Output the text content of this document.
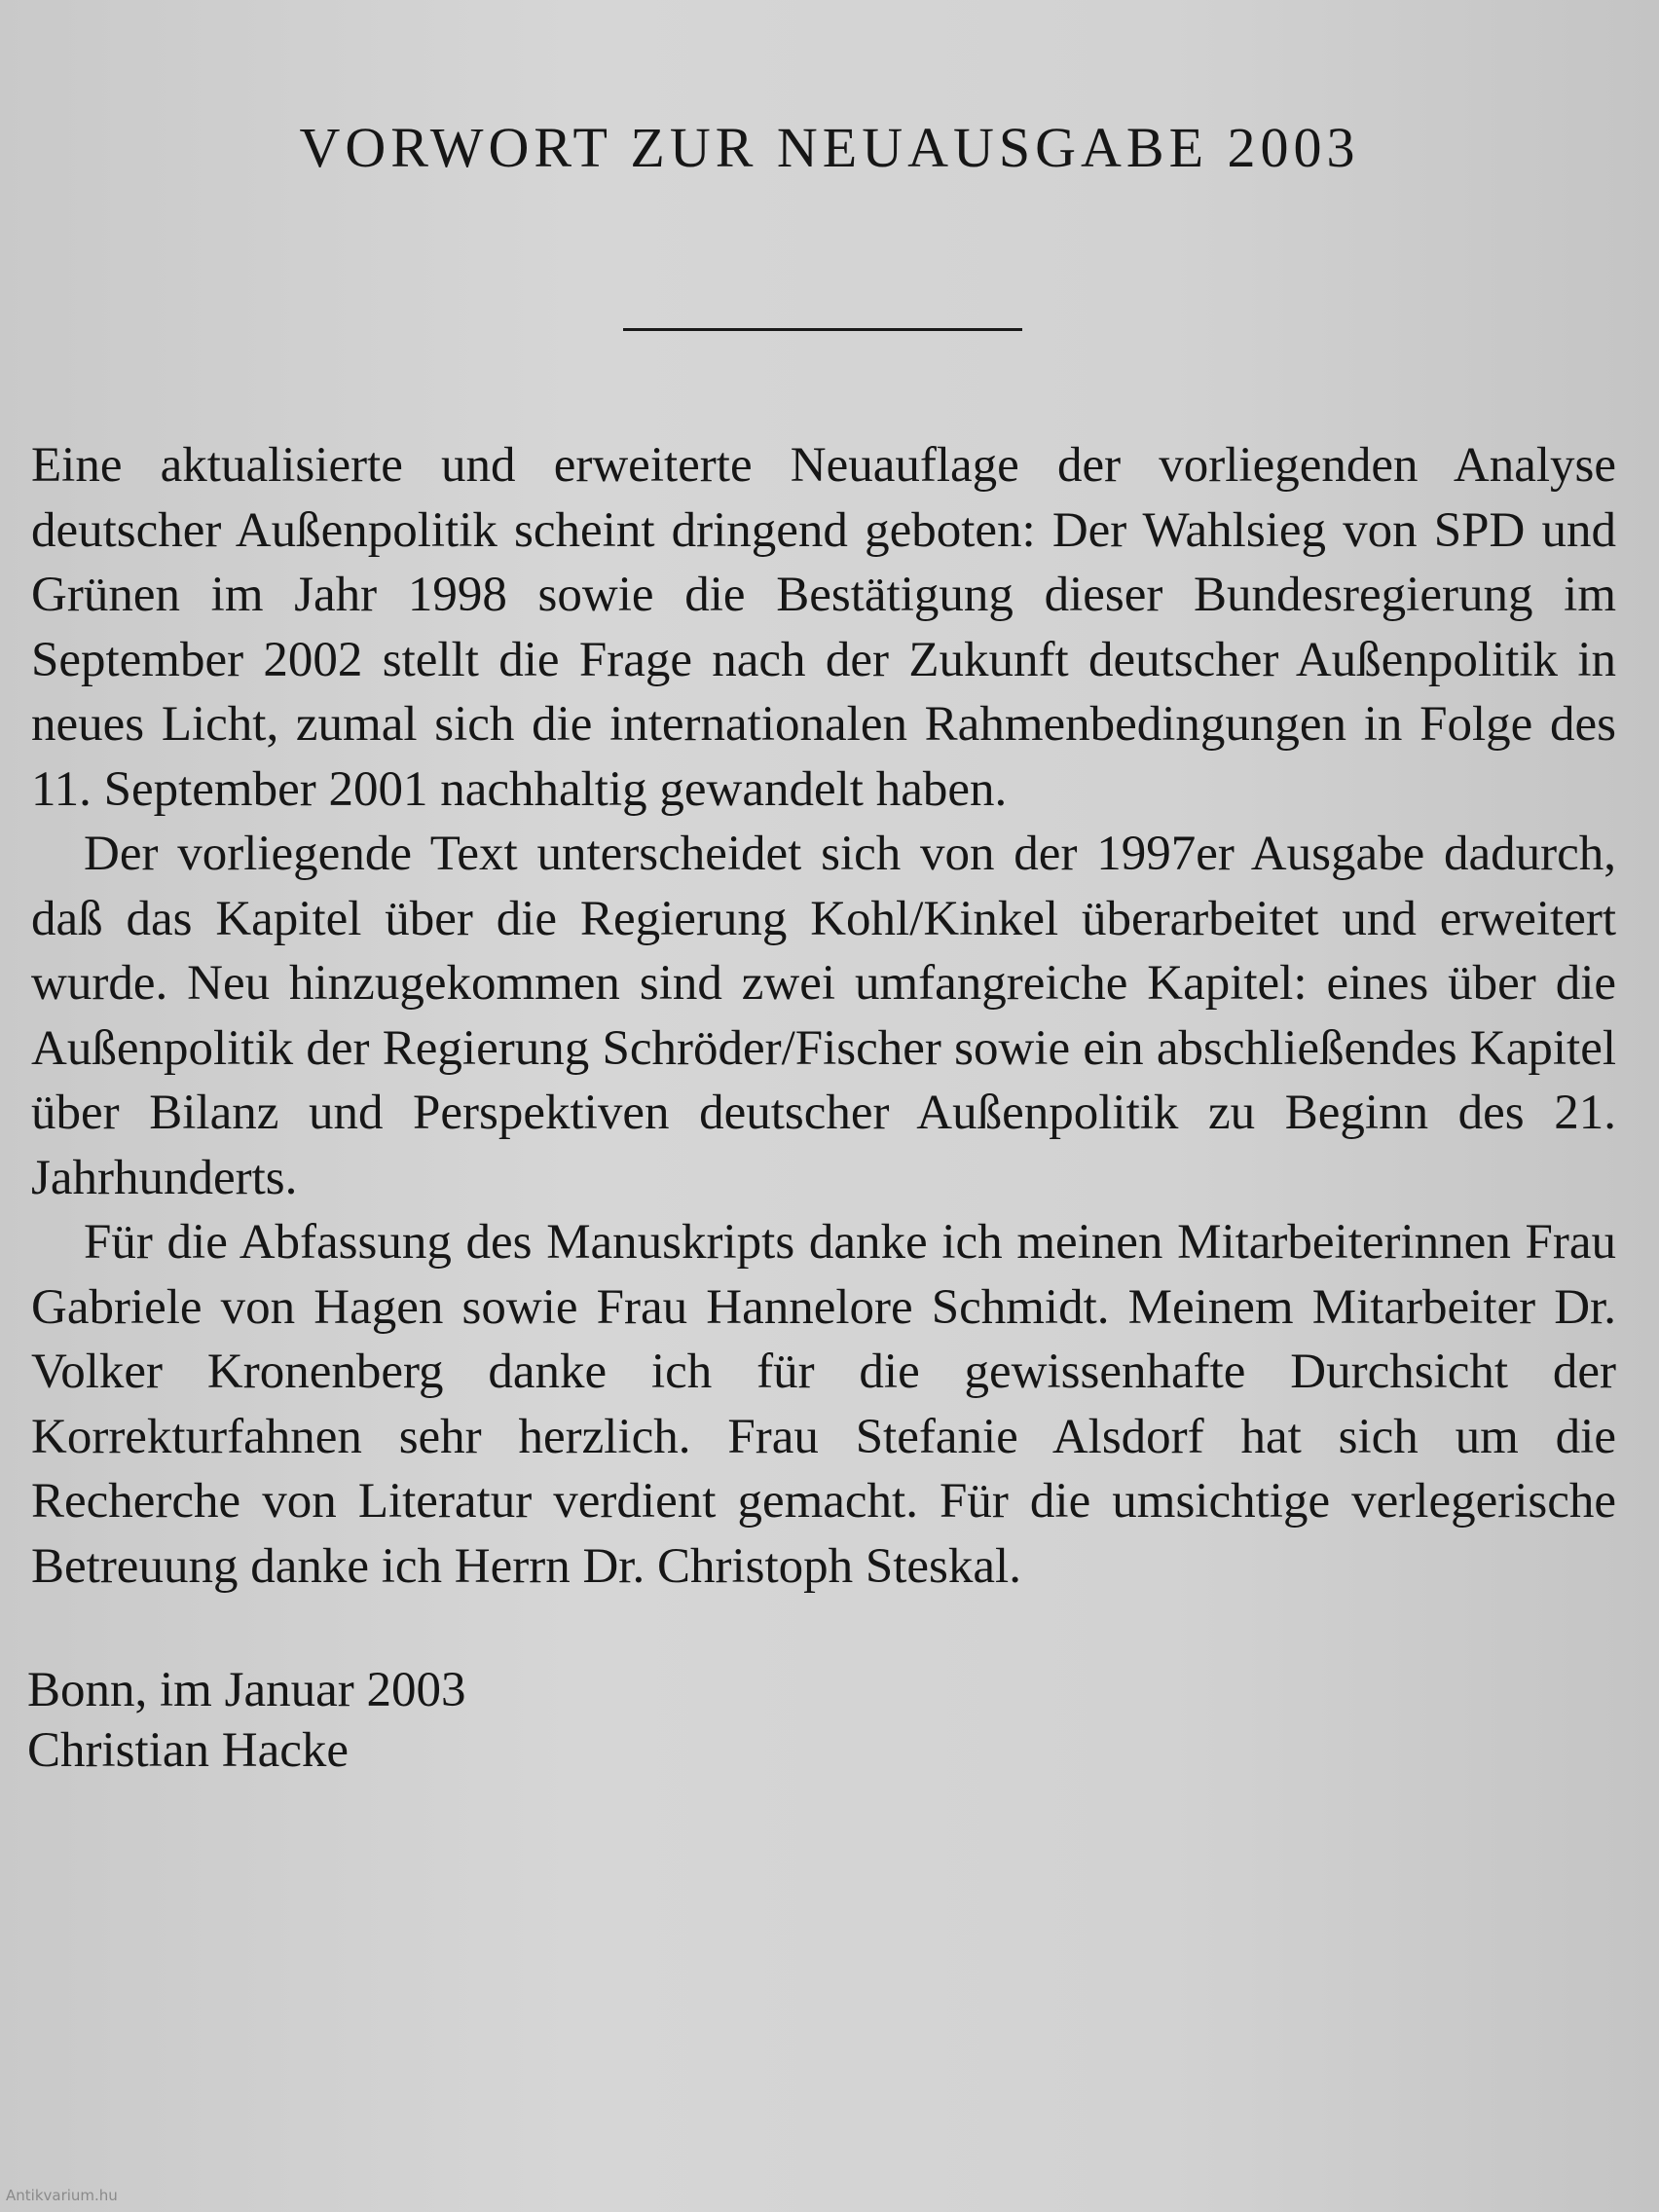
VORWORT ZUR NEUAUSGABE 2003

Eine aktualisierte und erweiterte Neuauflage der vorliegenden Analyse deutscher Außenpolitik scheint dringend geboten: Der Wahlsieg von SPD und Grünen im Jahr 1998 sowie die Bestätigung dieser Bundesregierung im September 2002 stellt die Frage nach der Zukunft deutscher Außenpolitik in neues Licht, zumal sich die internationalen Rahmenbedingungen in Folge des 11. September 2001 nachhaltig gewandelt haben.

Der vorliegende Text unterscheidet sich von der 1997er Ausgabe dadurch, daß das Kapitel über die Regierung Kohl/Kinkel überarbeitet und erweitert wurde. Neu hinzugekommen sind zwei umfangreiche Kapitel: eines über die Außenpolitik der Regierung Schröder/Fischer sowie ein abschließendes Kapitel über Bilanz und Perspektiven deutscher Außenpolitik zu Beginn des 21. Jahrhunderts.

Für die Abfassung des Manuskripts danke ich meinen Mitarbeiterinnen Frau Gabriele von Hagen sowie Frau Hannelore Schmidt. Meinem Mitarbeiter Dr. Volker Kronenberg danke ich für die gewissenhafte Durchsicht der Korrekturfahnen sehr herzlich. Frau Stefanie Alsdorf hat sich um die Recherche von Literatur verdient gemacht. Für die umsichtige verlegerische Betreuung danke ich Herrn Dr. Christoph Steskal.

Bonn, im Januar 2003
Christian Hacke
Antikvarium.hu
